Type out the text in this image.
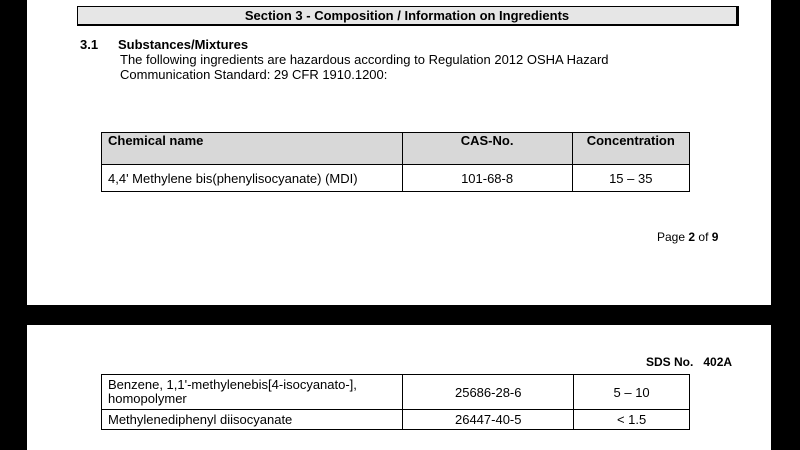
Section 3 - Composition / Information on Ingredients
3.1 Substances/Mixtures
The following ingredients are hazardous according to Regulation 2012 OSHA Hazard Communication Standard: 29 CFR 1910.1200:
Chemical name	CAS-No.	Concentration
4,4' Methylene bis(phenylisocyanate) (MDI)	101-68-8	15 – 35
Page 2 of 9
SDS No. 402A
Benzene, 1,1'-methylenebis[4-isocyanato-], homopolymer	25686-28-6	5 – 10
Methylenediphenyl diisocyanate	26447-40-5	< 1.5
